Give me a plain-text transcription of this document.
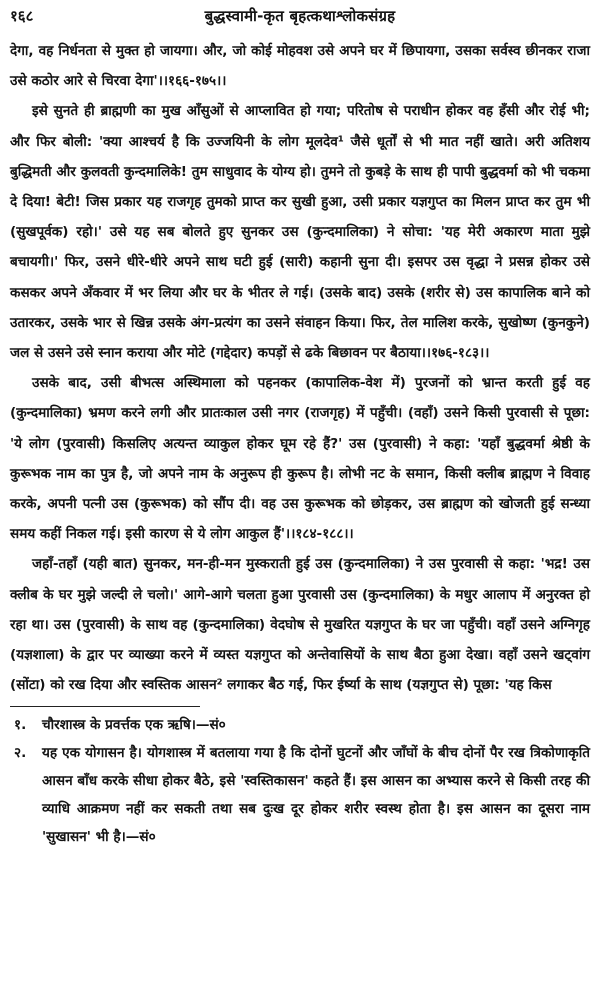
१६८	बुद्धस्वामी-कृत बृहत्कथाश्लोकसंग्रह

देगा, वह निर्धनता से मुक्त हो जायगा। और, जो कोई मोहवश उसे अपने घर में छिपायगा, उसका सर्वस्व छीनकर राजा उसे कठोर आरे से चिरवा देगा'।।१६६-१७५।।

इसे सुनते ही ब्राह्मणी का मुख आँसुओं से आप्लावित हो गया; परितोष से पराधीन होकर वह हँसी और रोई भी; और फिर बोली: 'क्या आश्चर्य है कि उज्जयिनी के लोग मूलदेव¹ जैसे धूर्तों से भी मात नहीं खाते। अरी अतिशय बुद्धिमती और कुलवती कुन्दमालिके! तुम साधुवाद के योग्य हो। तुमने तो कुबड़े के साथ ही पापी बुद्धवर्मा को भी चकमा दे दिया! बेटी! जिस प्रकार यह राजगृह तुमको प्राप्त कर सुखी हुआ, उसी प्रकार यज्ञगुप्त का मिलन प्राप्त कर तुम भी (सुखपूर्वक) रहो।' उसे यह सब बोलते हुए सुनकर उस (कुन्दमालिका) ने सोचा: 'यह मेरी अकारण माता मुझे बचायगी।' फिर, उसने धीरे-धीरे अपने साथ घटी हुई (सारी) कहानी सुना दी। इसपर उस वृद्धा ने प्रसन्न होकर उसे कसकर अपने अँकवार में भर लिया और घर के भीतर ले गई। (उसके बाद) उसके (शरीर से) उस कापालिक बाने को उतारकर, उसके भार से खिन्न उसके अंग-प्रत्यंग का उसने संवाहन किया। फिर, तेल मालिश करके, सुखोष्ण (कुनकुने) जल से उसने उसे स्नान कराया और मोटे (गद्देदार) कपड़ों से ढके बिछावन पर बैठाया।।१७६-१८३।।

उसके बाद, उसी बीभत्स अस्थिमाला को पहनकर (कापालिक-वेश में) पुरजनों को भ्रान्त करती हुई वह (कुन्दमालिका) भ्रमण करने लगी और प्रातःकाल उसी नगर (राजगृह) में पहुँची। (वहाँ) उसने किसी पुरवासी से पूछा: 'ये लोग (पुरवासी) किसलिए अत्यन्त व्याकुल होकर घूम रहे हैं?' उस (पुरवासी) ने कहा: 'यहाँ बुद्धवर्मा श्रेष्ठी के कुरूभक नाम का पुत्र है, जो अपने नाम के अनुरूप ही कुरूप है। लोभी नट के समान, किसी क्लीब ब्राह्मण ने विवाह करके, अपनी पत्नी उस (कुरूभक) को सौंप दी। वह उस कुरूभक को छोड़कर, उस ब्राह्मण को खोजती हुई सन्ध्या समय कहीं निकल गई। इसी कारण से ये लोग आकुल हैं'।।१८४-१८८।।

जहाँ-तहाँ (यही बात) सुनकर, मन-ही-मन मुस्कराती हुई उस (कुन्दमालिका) ने उस पुरवासी से कहा: 'भद्र! उस क्लीब के घर मुझे जल्दी ले चलो।' आगे-आगे चलता हुआ पुरवासी उस (कुन्दमालिका) के मधुर आलाप में अनुरक्त हो रहा था। उस (पुरवासी) के साथ वह (कुन्दमालिका) वेदघोष से मुखरित यज्ञगुप्त के घर जा पहुँची। वहाँ उसने अग्निगृह (यज्ञशाला) के द्वार पर व्याख्या करने में व्यस्त यज्ञगुप्त को अन्तेवासियों के साथ बैठा हुआ देखा। वहाँ उसने खट्वांग (सोंटा) को रख दिया और स्वस्तिक आसन² लगाकर बैठ गई, फिर ईर्ष्या के साथ (यज्ञगुप्त से) पूछा: 'यह किस

१.	चौरशास्त्र के प्रवर्त्तक एक ऋषि।—सं०
२.	यह एक योगासन है। योगशास्त्र में बतलाया गया है कि दोनों घुटनों और जाँघों के बीच दोनों पैर रख त्रिकोणाकृति आसन बाँध करके सीधा होकर बैठे, इसे 'स्वस्तिकासन' कहते हैं। इस आसन का अभ्यास करने से किसी तरह की व्याधि आक्रमण नहीं कर सकती तथा सब दुःख दूर होकर शरीर स्वस्थ होता है। इस आसन का दूसरा नाम 'सुखासन' भी है।—सं०
